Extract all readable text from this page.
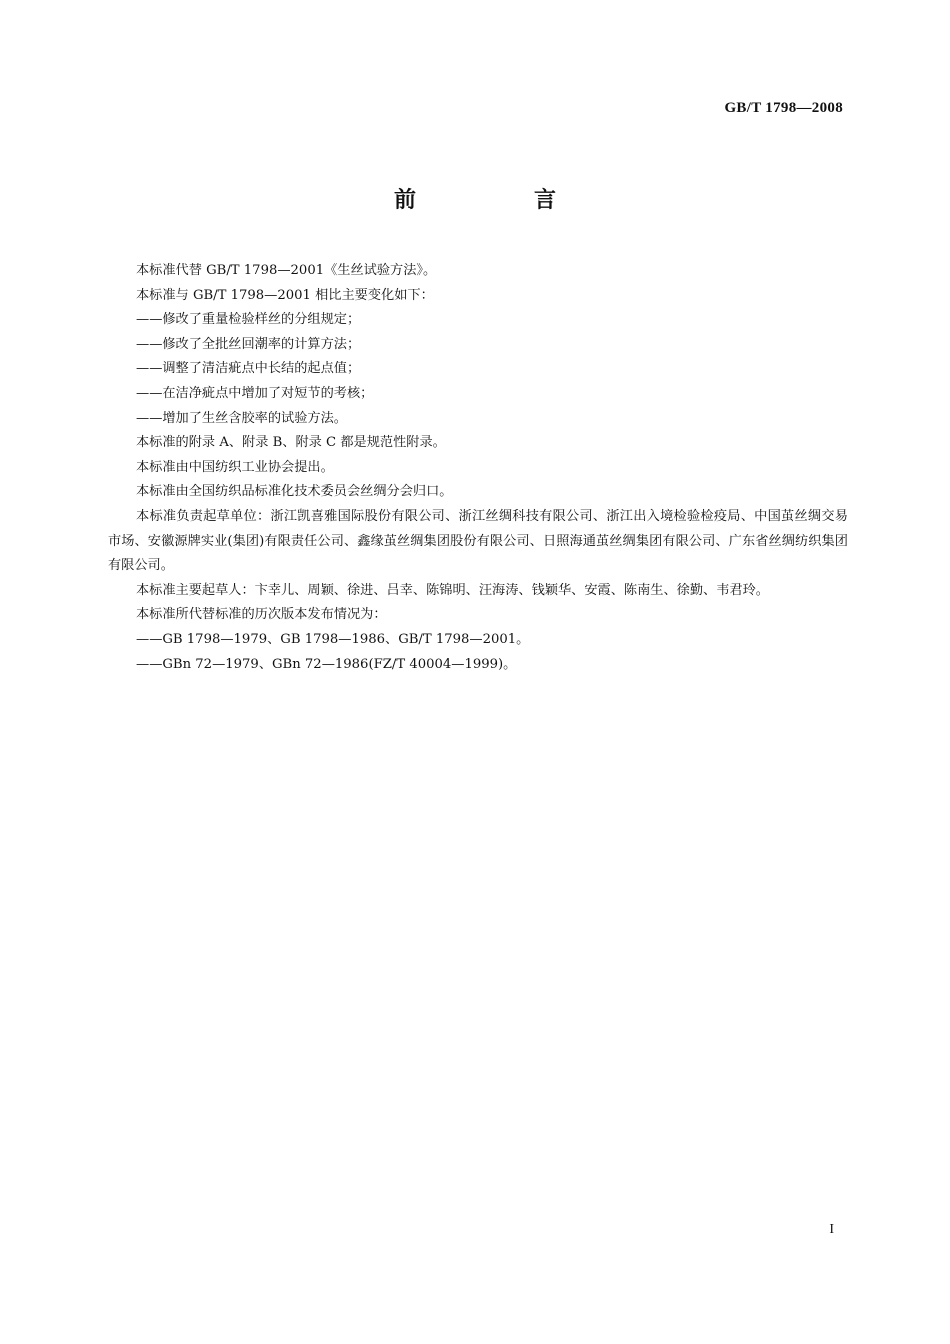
GB/T 1798—2008
前　言

本标准代替 GB/T 1798—2001《生丝试验方法》。

本标准与 GB/T 1798—2001 相比主要变化如下：

——修改了重量检验样丝的分组规定；

——修改了全批丝回潮率的计算方法；

——调整了清洁疵点中长结的起点值；

——在洁净疵点中增加了对短节的考核；

——增加了生丝含胶率的试验方法。

本标准的附录 A、附录 B、附录 C 都是规范性附录。

本标准由中国纺织工业协会提出。

本标准由全国纺织品标准化技术委员会丝绸分会归口。

本标准负责起草单位：浙江凯喜雅国际股份有限公司、浙江丝绸科技有限公司、浙江出入境检验检疫局、中国茧丝绸交易市场、安徽源牌实业(集团)有限责任公司、鑫缘茧丝绸集团股份有限公司、日照海通茧丝绸集团有限公司、广东省丝绸纺织集团有限公司。

本标准主要起草人：卞幸儿、周颖、徐进、吕幸、陈锦明、汪海涛、钱颖华、安霞、陈南生、徐勤、韦君玲。

本标准所代替标准的历次版本发布情况为：

——GB 1798—1979、GB 1798—1986、GB/T 1798—2001。

——GBn 72—1979、GBn 72—1986(FZ/T 40004—1999)。

I
